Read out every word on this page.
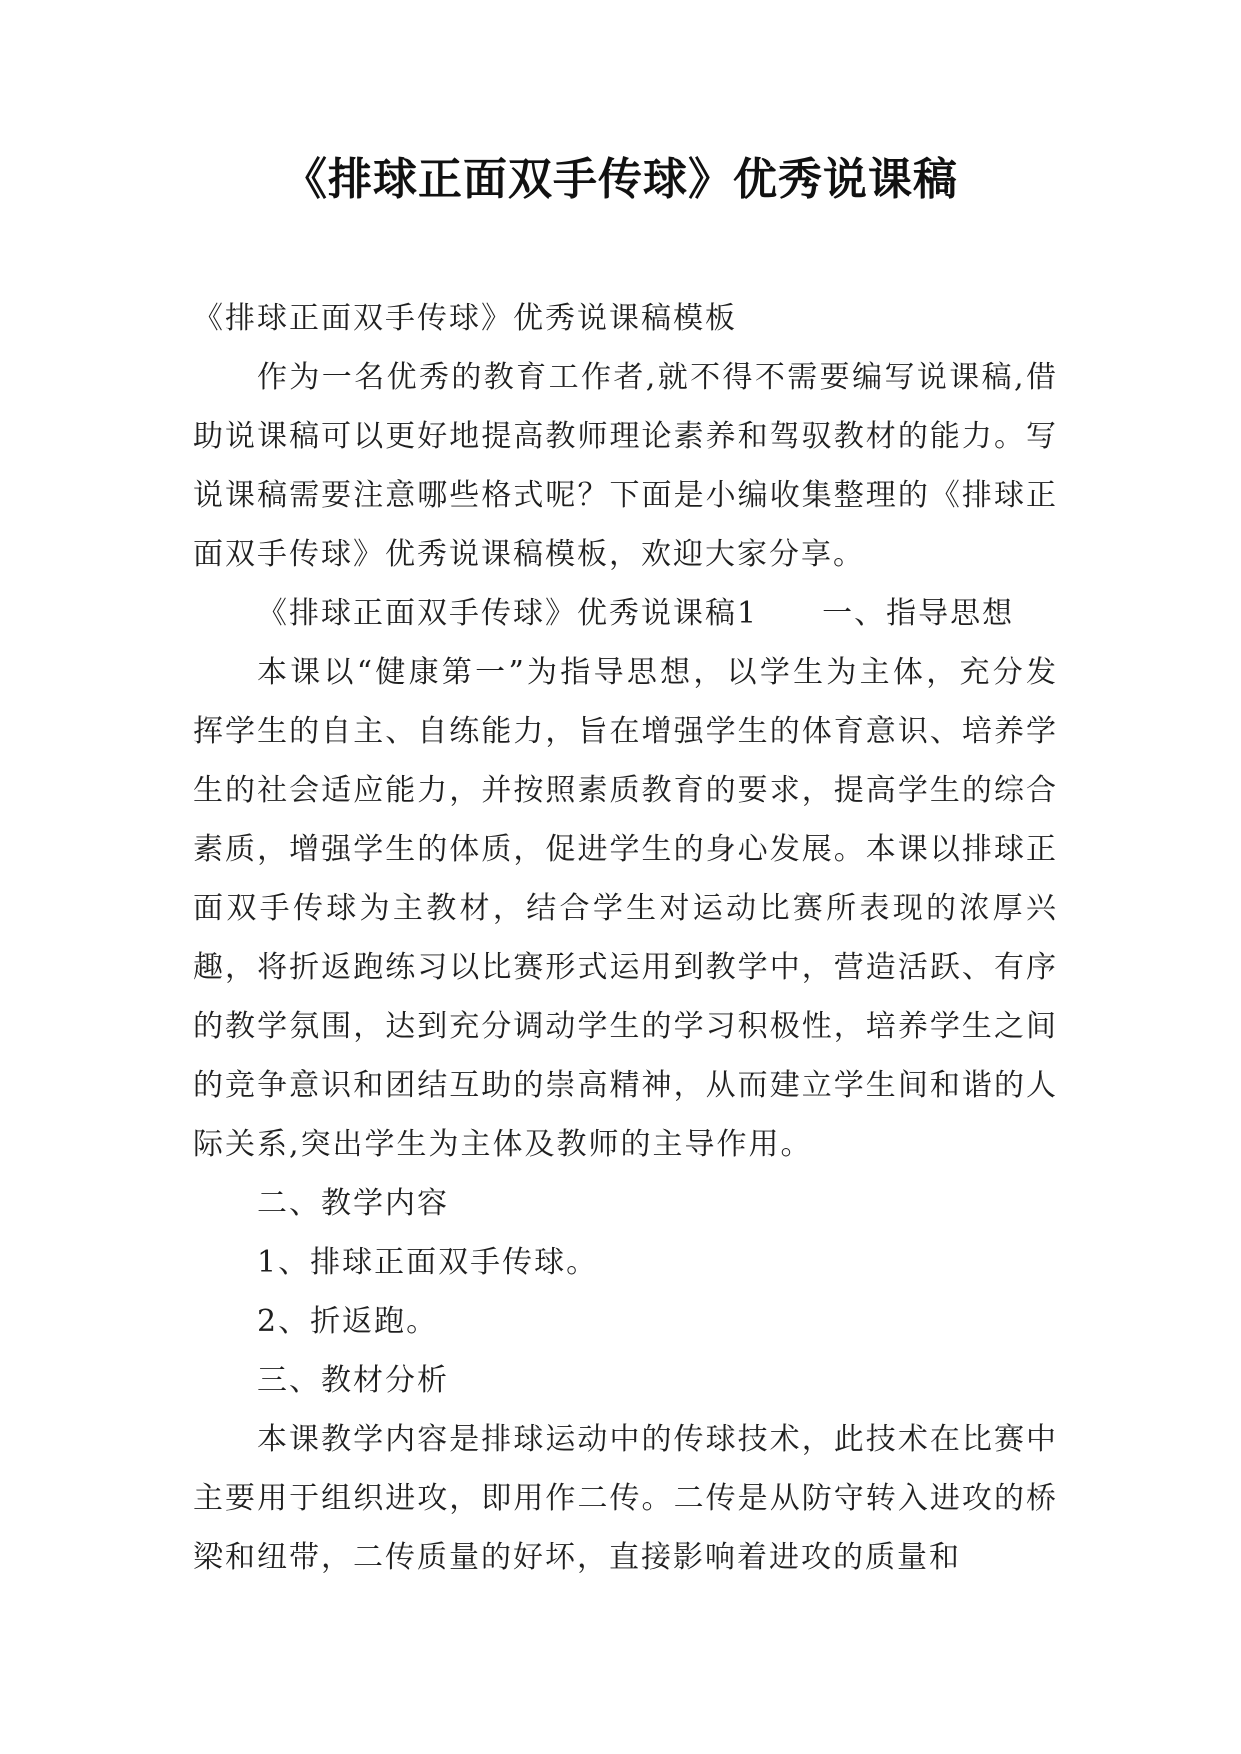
《排球正面双手传球》优秀说课稿

《排球正面双手传球》优秀说课稿模板

作为一名优秀的教育工作者,就不得不需要编写说课稿,借助说课稿可以更好地提高教师理论素养和驾驭教材的能力。写说课稿需要注意哪些格式呢？下面是小编收集整理的《排球正面双手传球》优秀说课稿模板，欢迎大家分享。

《排球正面双手传球》优秀说课稿1　　一、指导思想

本课以“健康第一”为指导思想，以学生为主体，充分发挥学生的自主、自练能力，旨在增强学生的体育意识、培养学生的社会适应能力，并按照素质教育的要求，提高学生的综合素质，增强学生的体质，促进学生的身心发展。本课以排球正面双手传球为主教材，结合学生对运动比赛所表现的浓厚兴趣，将折返跑练习以比赛形式运用到教学中，营造活跃、有序的教学氛围，达到充分调动学生的学习积极性，培养学生之间的竞争意识和团结互助的崇高精神，从而建立学生间和谐的人际关系,突出学生为主体及教师的主导作用。

二、教学内容

1、排球正面双手传球。

2、折返跑。

三、教材分析

本课教学内容是排球运动中的传球技术，此技术在比赛中主要用于组织进攻，即用作二传。二传是从防守转入进攻的桥梁和纽带，二传质量的好坏，直接影响着进攻的质量和
